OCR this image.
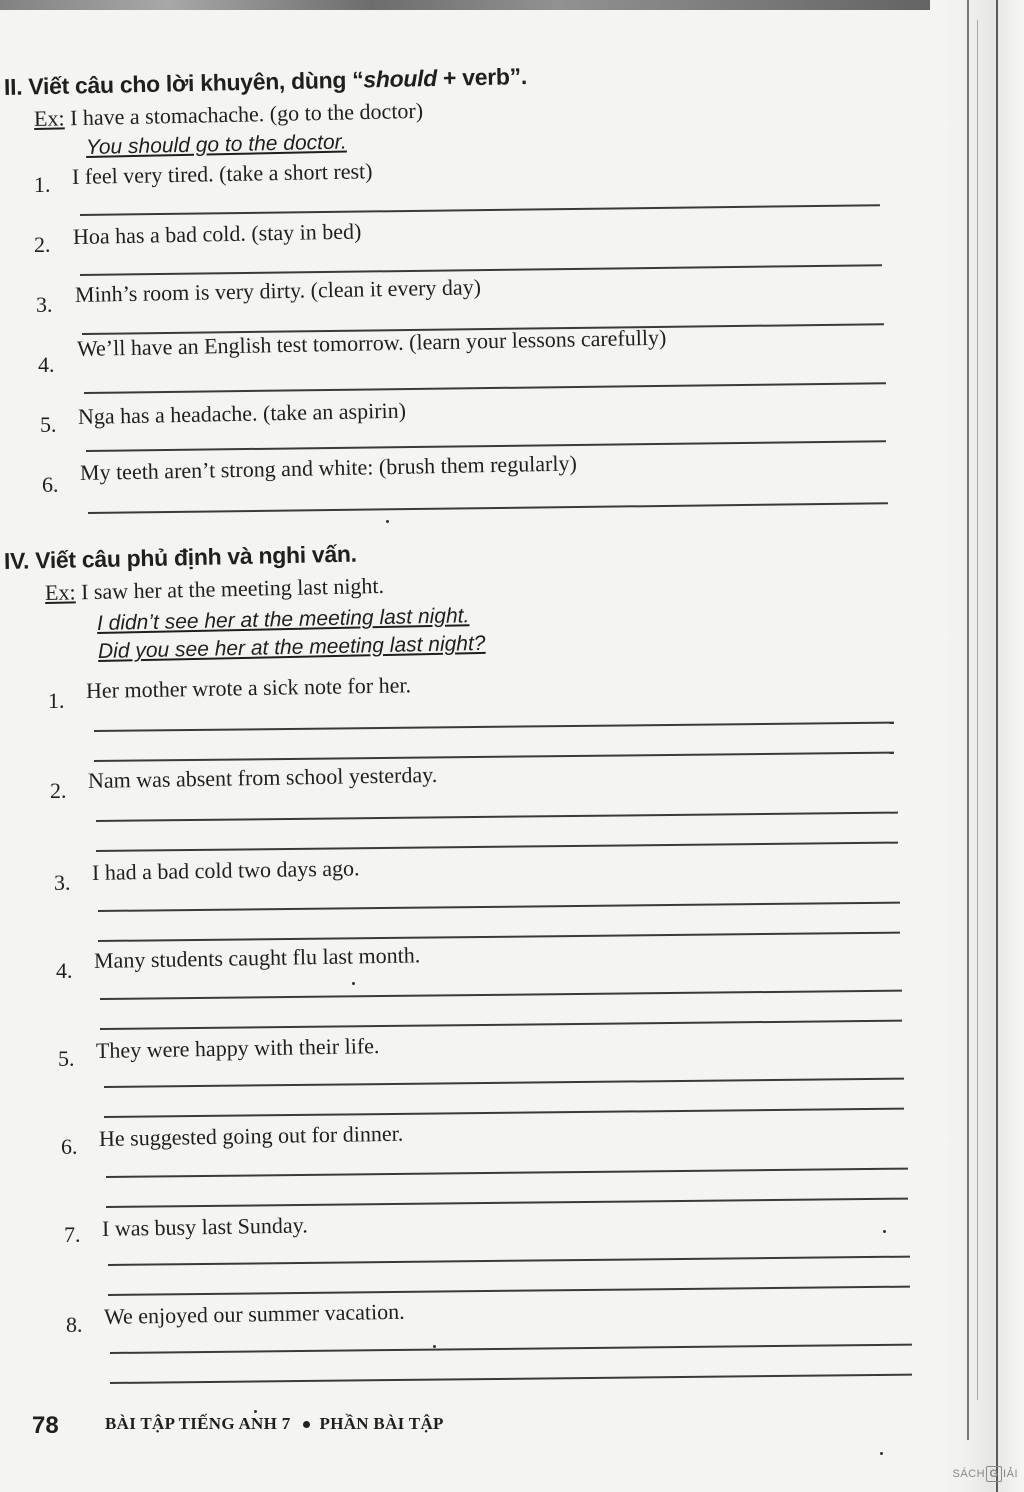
II. Viết câu cho lời khuyên, dùng “should + verb”.
Ex: I have a stomachache. (go to the doctor)
You should go to the doctor.
1. I feel very tired. (take a short rest)
2. Hoa has a bad cold. (stay in bed)
3. Minh’s room is very dirty. (clean it every day)
4.
We’ll have an English test tomorrow. (learn your lessons carefully)
5. Nga has a headache. (take an aspirin)
6. My teeth aren’t strong and white: (brush them regularly)
IV. Viết câu phủ định và nghi vấn.
Ex: I saw her at the meeting last night.
I didn’t see her at the meeting last night.
Did you see her at the meeting last night?
1. Her mother wrote a sick note for her.
2. Nam was absent from school yesterday.
3. I had a bad cold two days ago.
4. Many students caught flu last month.
5. They were happy with their life.
6. He suggested going out for dinner.
7. I was busy last Sunday.
8. We enjoyed our summer vacation.
78	BÀI TẬP TIẾNG ANH 7 PHẦN BÀI TẬP
SÁCH G IẢI
